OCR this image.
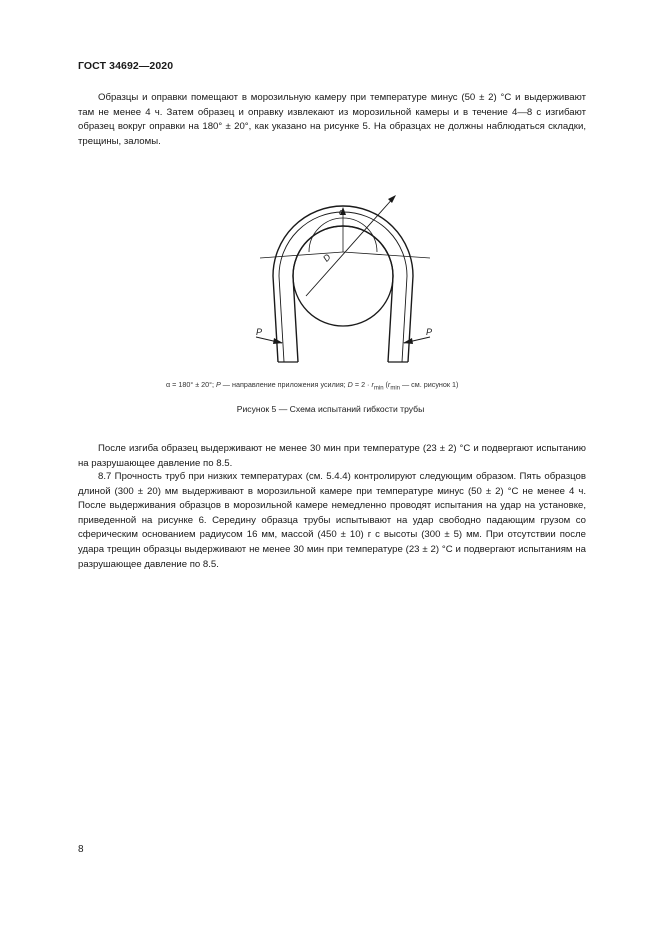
ГОСТ 34692—2020

Образцы и оправки помещают в морозильную камеру при температуре минус (50 ± 2) °С и выдерживают там не менее 4 ч. Затем образец и оправку извлекают из морозильной камеры и в течение 4—8 с изгибают образец вокруг оправки на 180° ± 20°, как указано на рисунке 5. На образцах не должны наблюдаться складки, трещины, заломы.

α
D
P	P
α = 180° ± 20°; P — направление приложения усилия; $D = 2 \cdot r_{min}$ ($r_{min}$ — см. рисунок 1)
Рисунок 5 — Схема испытаний гибкости трубы

После изгиба образец выдерживают не менее 30 мин при температуре (23 ± 2) °С и подвергают испытанию на разрушающее давление по 8.5.

8.7 Прочность труб при низких температурах (см. 5.4.4) контролируют следующим образом. Пять образцов длиной (300 ± 20) мм выдерживают в морозильной камере при температуре минус (50 ± 2) °С не менее 4 ч. После выдерживания образцов в морозильной камере немедленно проводят испытания на удар на установке, приведенной на рисунке 6. Середину образца трубы испытывают на удар свободно падающим грузом со сферическим основанием радиусом 16 мм, массой (450 ± 10) г с высоты (300 ± 5) мм. При отсутствии после удара трещин образцы выдерживают не менее 30 мин при температуре (23 ± 2) °С и подвергают испытаниям на разрушающее давление по 8.5.

8
